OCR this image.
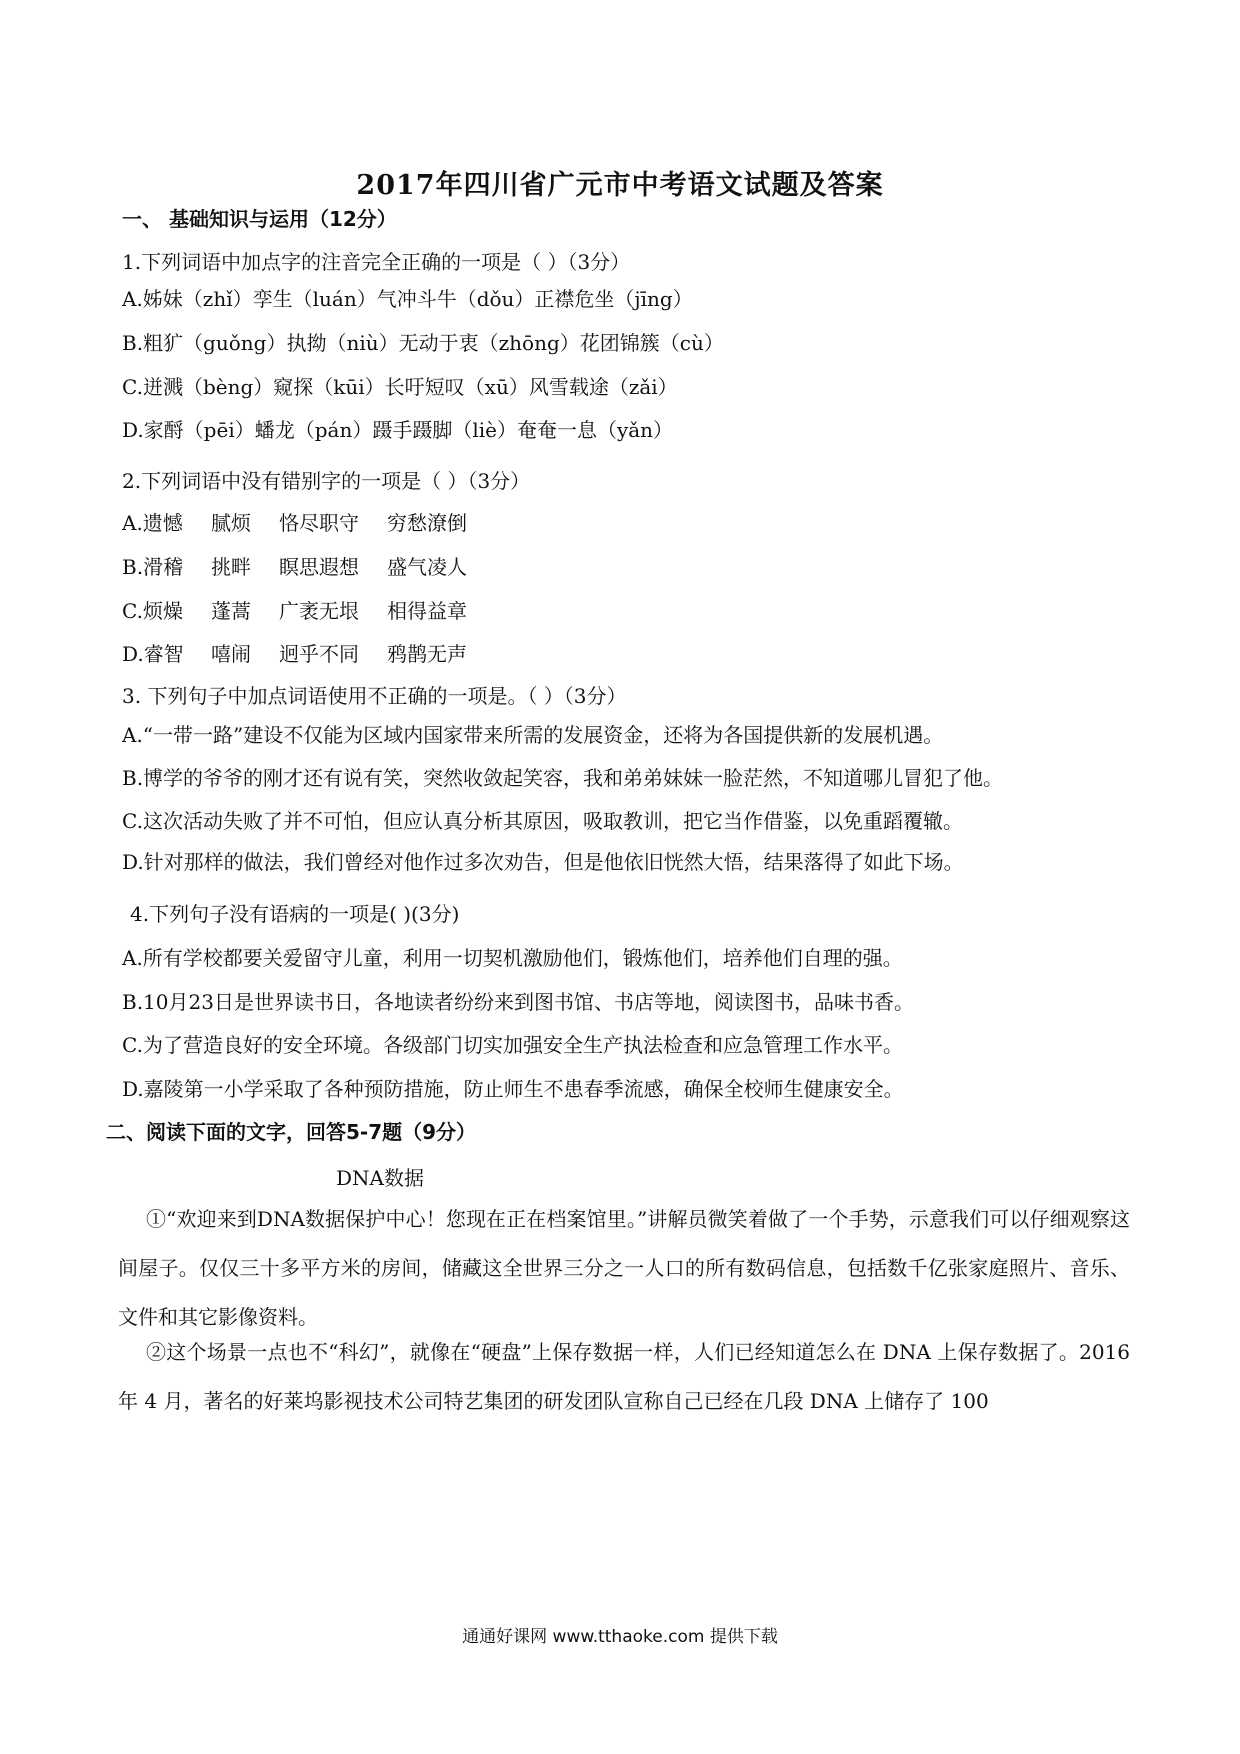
2017年四川省广元市中考语文试题及答案
一、 基础知识与运用（12分）
1.下列词语中加点字的注音完全正确的一项是（ ）（3分）
A.姊妹（zhǐ）孪生（luán）气冲斗牛（dǒu）正襟危坐（jīng）
B.粗犷（guǒng）执拗（niù）无动于衷（zhōng）花团锦簇（cù）
C.迸溅（bèng）窥探（kūi）长吁短叹（xū）风雪载途（zǎi）
D.家酹（pēi）蟠龙（pán）蹑手蹑脚（liè）奄奄一息（yǎn）
2.下列词语中没有错别字的一项是（ ）（3分）
A.遗憾 腻烦 恪尽职守 穷愁潦倒
B.滑稽 挑畔 瞑思遐想 盛气凌人
C.烦燥 蓬蒿 广袤无垠 相得益章
D.睿智 嘻闹 迥乎不同 鸦鹊无声
3. 下列句子中加点词语使用不正确的一项是。（ ）（3分）
A.“一带一路”建设不仅能为区域内国家带来所需的发展资金，还将为各国提供新的发展机遇。
B.博学的爷爷的刚才还有说有笑，突然收敛起笑容，我和弟弟妹妹一脸茫然，不知道哪儿冒犯了他。
C.这次活动失败了并不可怕，但应认真分析其原因，吸取教训，把它当作借鉴，以免重蹈覆辙。
D.针对那样的做法，我们曾经对他作过多次劝告，但是他依旧恍然大悟，结果落得了如此下场。
4.下列句子没有语病的一项是( )(3分)
A.所有学校都要关爱留守儿童，利用一切契机激励他们，锻炼他们，培养他们自理的强。
B.10月23日是世界读书日，各地读者纷纷来到图书馆、书店等地，阅读图书，品味书香。
C.为了营造良好的安全环境。各级部门切实加强安全生产执法检查和应急管理工作水平。
D.嘉陵第一小学采取了各种预防措施，防止师生不患春季流感，确保全校师生健康安全。
二、阅读下面的文字，回答5-7题（9分）
DNA数据
①“欢迎来到DNA数据保护中心！您现在正在档案馆里。”讲解员微笑着做了一个手势，示意我们可以仔细观察这间屋子。仅仅三十多平方米的房间，储藏这全世界三分之一人口的所有数码信息，包括数千亿张家庭照片、音乐、文件和其它影像资料。
②这个场景一点也不“科幻”，就像在“硬盘”上保存数据一样，人们已经知道怎么在 DNA 上保存数据了。2016 年 4 月，著名的好莱坞影视技术公司特艺集团的研发团队宣称自己已经在几段 DNA 上储存了 100
通通好课网 www.tthaoke.com 提供下载
